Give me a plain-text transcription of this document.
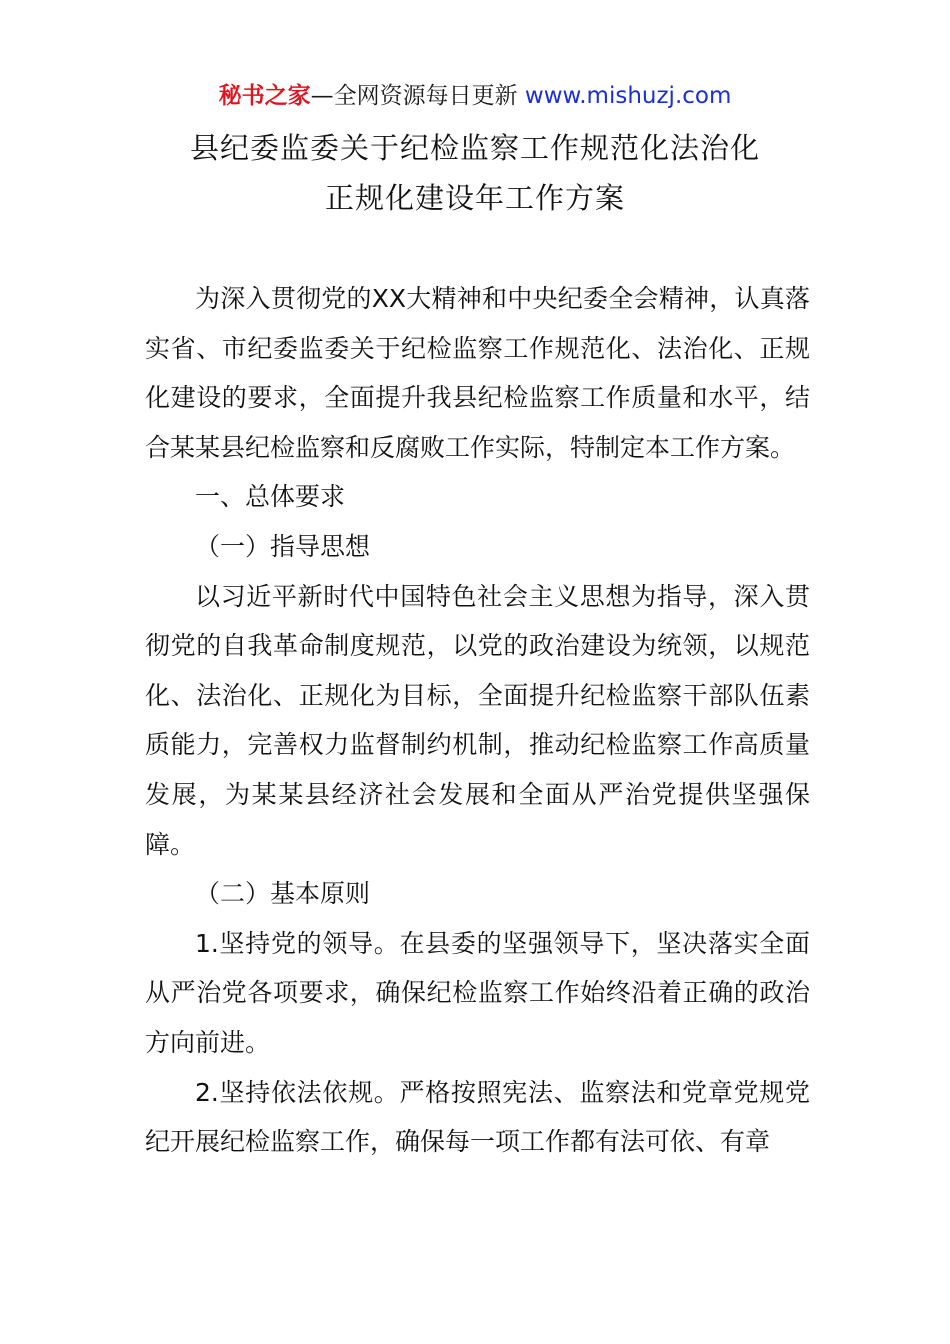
秘书之家—全网资源每日更新 www.mishuzj.com
县纪委监委关于纪检监察工作规范化法治化
正规化建设年工作方案

为深入贯彻党的XX大精神和中央纪委全会精神，认真落实省、市纪委监委关于纪检监察工作规范化、法治化、正规化建设的要求，全面提升我县纪检监察工作质量和水平，结合某某县纪检监察和反腐败工作实际，特制定本工作方案。

一、总体要求

（一）指导思想

以习近平新时代中国特色社会主义思想为指导，深入贯彻党的自我革命制度规范，以党的政治建设为统领，以规范化、法治化、正规化为目标，全面提升纪检监察干部队伍素质能力，完善权力监督制约机制，推动纪检监察工作高质量发展，为某某县经济社会发展和全面从严治党提供坚强保障。

（二）基本原则

1.坚持党的领导。在县委的坚强领导下，坚决落实全面从严治党各项要求，确保纪检监察工作始终沿着正确的政治方向前进。

2.坚持依法依规。严格按照宪法、监察法和党章党规党纪开展纪检监察工作，确保每一项工作都有法可依、有章
